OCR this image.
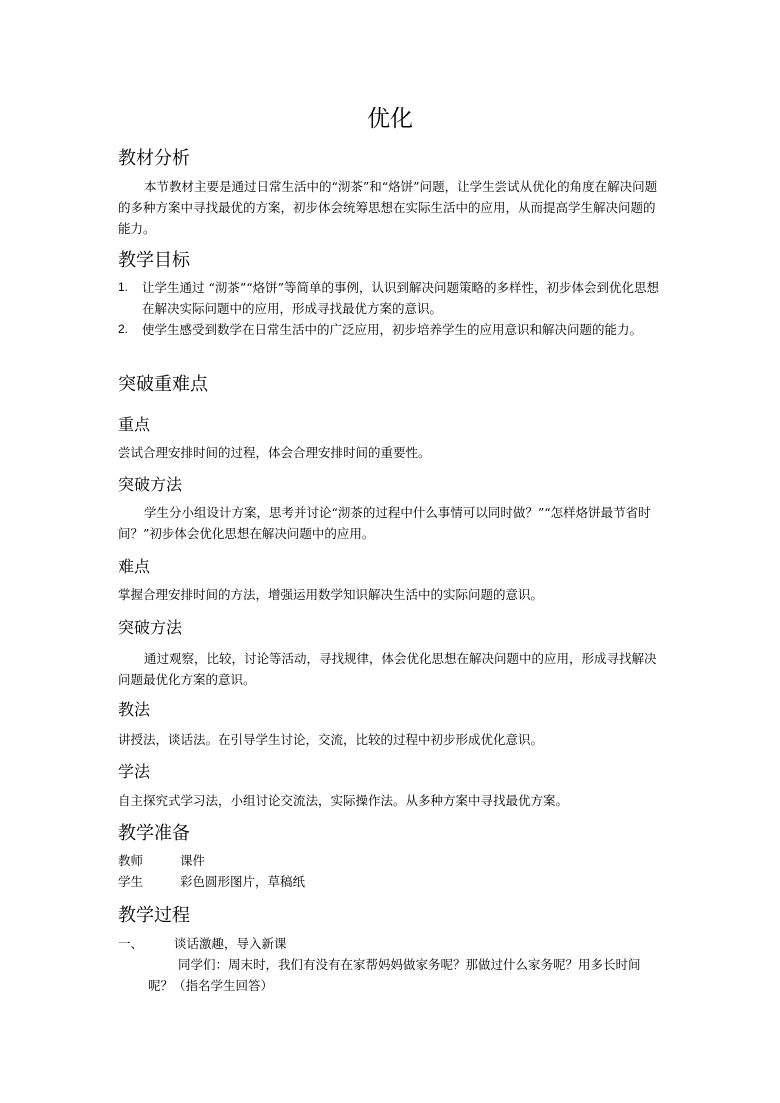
优化
教材分析

本节教材主要是通过日常生活中的“沏茶”和“烙饼”问题，让学生尝试从优化的角度在解决问题的多种方案中寻找最优的方案，初步体会统筹思想在实际生活中的应用，从而提高学生解决问题的能力。

教学目标
1.	让学生通过 “沏茶”“烙饼”等简单的事例，认识到解决问题策略的多样性，初步体会到优化思想在解决实际问题中的应用，形成寻找最优方案的意识。
2.	使学生感受到数学在日常生活中的广泛应用，初步培养学生的应用意识和解决问题的能力。
突破重难点
重点

尝试合理安排时间的过程，体会合理安排时间的重要性。

突破方法

学生分小组设计方案，思考并讨论“沏茶的过程中什么事情可以同时做？”“怎样烙饼最节省时间？”初步体会优化思想在解决问题中的应用。

难点

掌握合理安排时间的方法，增强运用数学知识解决生活中的实际问题的意识。

突破方法

通过观察，比较，讨论等活动，寻找规律，体会优化思想在解决问题中的应用，形成寻找解决问题最优化方案的意识。

教法

讲授法，谈话法。在引导学生讨论，交流，比较的过程中初步形成优化意识。

学法

自主探究式学习法，小组讨论交流法，实际操作法。从多种方案中寻找最优方案。

教学准备
教师	课件
学生	彩色圆形图片，草稿纸
教学过程
一、 谈话激趣，导入新课
同学们：周末时，我们有没有在家帮妈妈做家务呢？那做过什么家务呢？用多长时间呢？（指名学生回答）
